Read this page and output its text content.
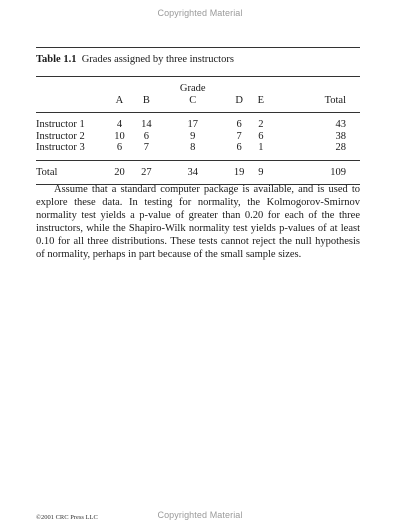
Copyrighted Material
Table 1.1 Grades assigned by three instructors

			Grade			
	A	B	C	D	E	Total

Instructor 1	4	14	17	6	2	43
Instructor 2	10	6	9	7	6	38
Instructor 3	6	7	8	6	1	28

Total	20	27	34	19	9	109

Assume that a standard computer package is available, and is used to explore these data. In testing for normality, the Kolmogorov-Smirnov normality test yields a p-value of greater than 0.20 for each of the three instructors, while the Shapiro-Wilk normality test yields p-values of at least 0.10 for all three distributions. These tests cannot reject the null hypothesis of normality, perhaps in part because of the small sample sizes.

©2001 CRC Press LLC	Copyrighted Material
